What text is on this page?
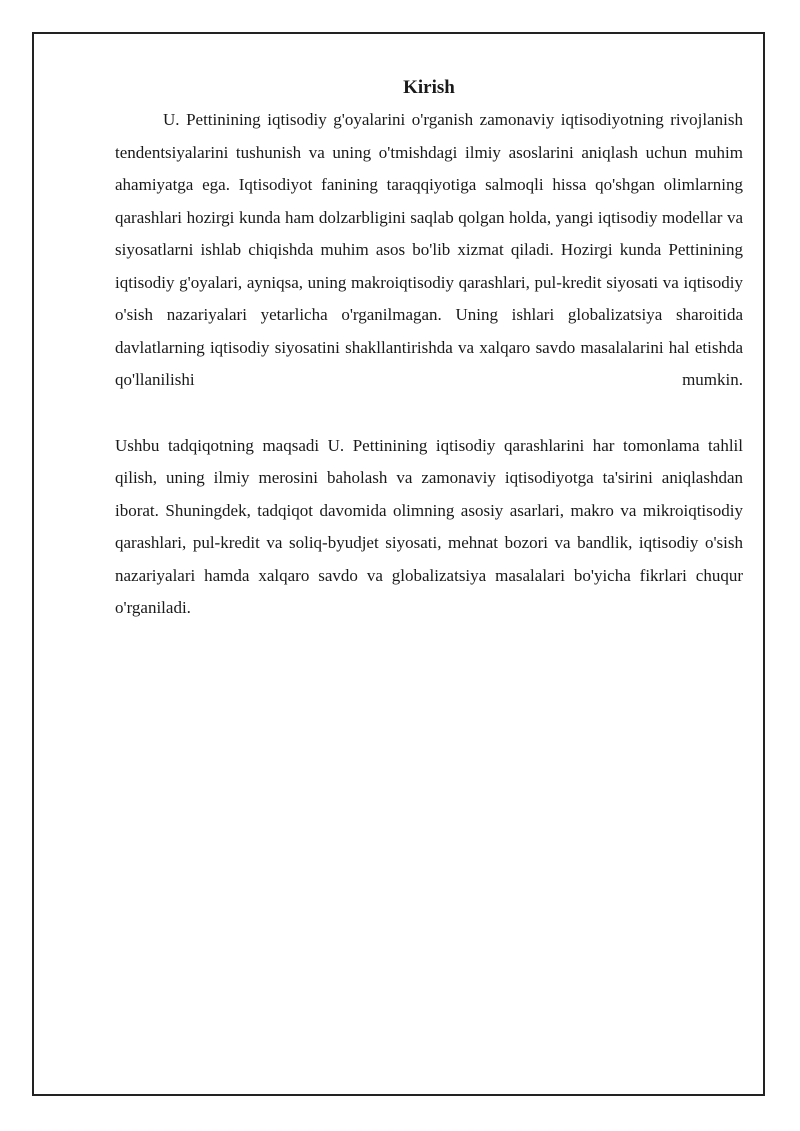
Kirish

U. Pettinining iqtisodiy g'oyalarini o'rganish zamonaviy iqtisodiyotning rivojlanish tendentsiyalarini tushunish va uning o'tmishdagi ilmiy asoslarini aniqlash uchun muhim ahamiyatga ega. Iqtisodiyot fanining taraqqiyotiga salmoqli hissa qo'shgan olimlarning qarashlari hozirgi kunda ham dolzarbligini saqlab qolgan holda, yangi iqtisodiy modellar va siyosatlarni ishlab chiqishda muhim asos bo'lib xizmat qiladi. Hozirgi kunda Pettinining iqtisodiy g'oyalari, ayniqsa, uning makroiqtisodiy qarashlari, pul-kredit siyosati va iqtisodiy o'sish nazariyalari yetarlicha o'rganilmagan. Uning ishlari globalizatsiya sharoitida davlatlarning iqtisodiy siyosatini shakllantirishda va xalqaro savdo masalalarini hal etishda qo'llanilishi mumkin.

Ushbu tadqiqotning maqsadi U. Pettinining iqtisodiy qarashlarini har tomonlama tahlil qilish, uning ilmiy merosini baholash va zamonaviy iqtisodiyotga ta'sirini aniqlashdan iborat. Shuningdek, tadqiqot davomida olimning asosiy asarlari, makro va mikroiqtisodiy qarashlari, pul-kredit va soliq-byudjet siyosati, mehnat bozori va bandlik, iqtisodiy o'sish nazariyalari hamda xalqaro savdo va globalizatsiya masalalari bo'yicha fikrlari chuqur o'rganiladi.
